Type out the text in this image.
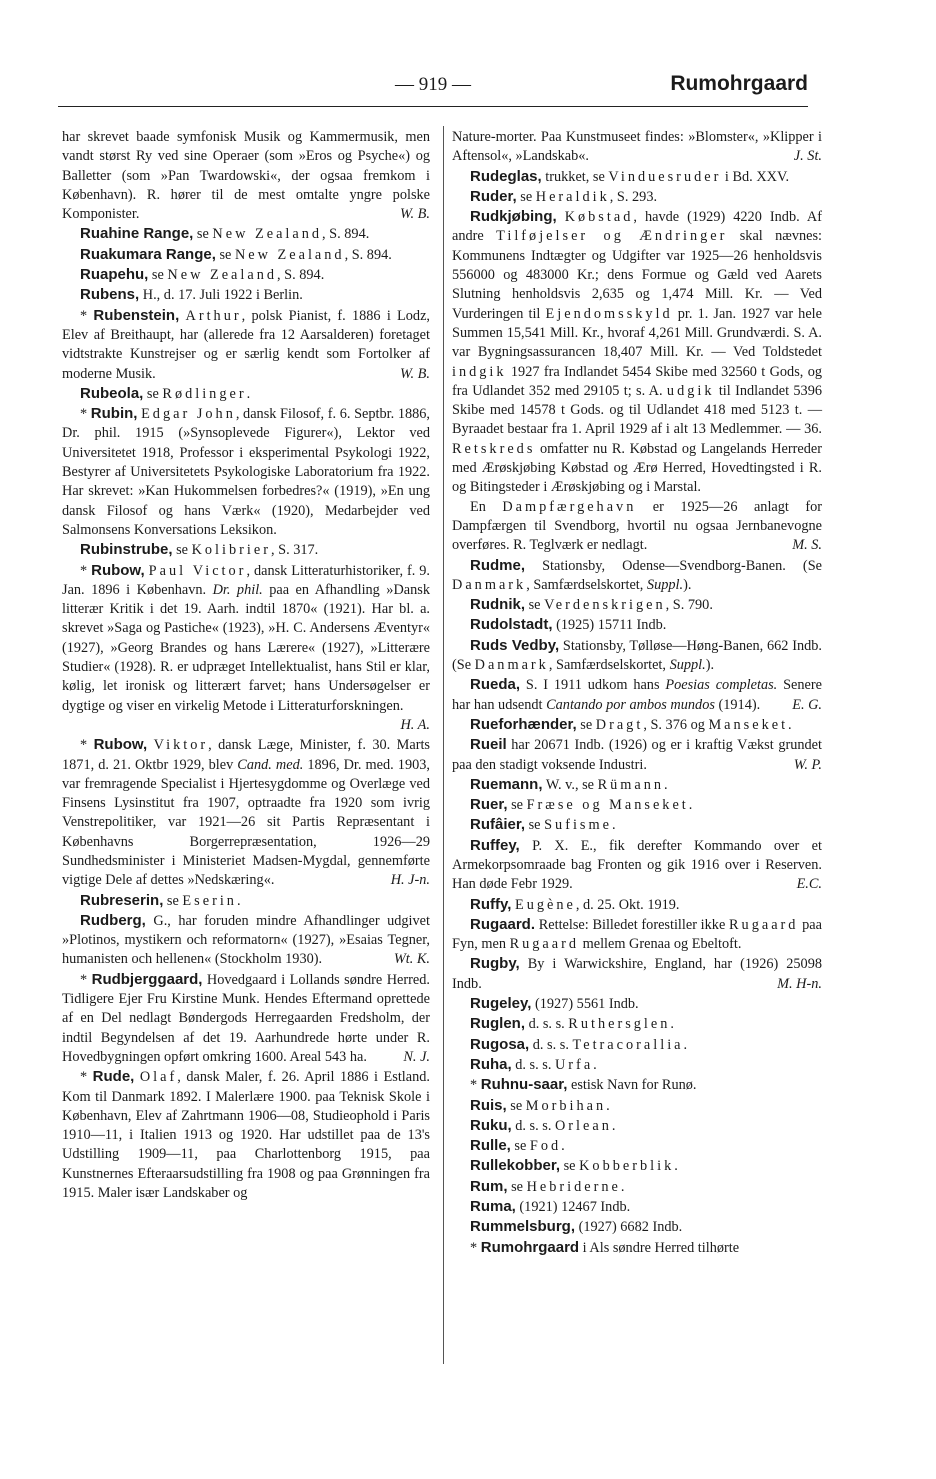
— 919 —	Rumohrgaard

har skrevet baade symfonisk Musik og Kammermusik, men vandt størst Ry ved sine Operaer (som »Eros og Psyche«) og Balletter (som »Pan Twardowski«, der ogsaa fremkom i København). R. hører til de mest omtalte yngre polske Komponister.	W. B.

Ruahine Range, se New Zealand, S. 894.

Ruakumara Range, se New Zealand, S. 894.

Ruapehu, se New Zealand, S. 894.

Rubens, H., d. 17. Juli 1922 i Berlin.

* Rubenstein, Arthur, polsk Pianist, f. 1886 i Lodz, Elev af Breithaupt, har (allerede fra 12 Aarsalderen) foretaget vidtstrakte Kunstrejser og er særlig kendt som Fortolker af moderne Musik.	W. B.

Rubeola, se Rødlinger.

* Rubin, Edgar John, dansk Filosof, f. 6. Septbr. 1886, Dr. phil. 1915 (»Synsoplevede Figurer«), Lektor ved Universitetet 1918, Professor i eksperimental Psykologi 1922, Bestyrer af Universitetets Psykologiske Laboratorium fra 1922. Har skrevet: »Kan Hukommelsen forbedres?« (1919), »En ung dansk Filosof og hans Værk« (1920), Medarbejder ved Salmonsens Konversations Leksikon.

Rubinstrube, se Kolibrier, S. 317.

* Rubow, Paul Victor, dansk Litteraturhistoriker, f. 9. Jan. 1896 i København. Dr. phil. paa en Afhandling »Dansk litterær Kritik i det 19. Aarh. indtil 1870« (1921). Har bl. a. skrevet »Saga og Pastiche« (1923), »H. C. Andersens Æventyr« (1927), »Georg Brandes og hans Lærere« (1927), »Litterære Studier« (1928). R. er udpræget Intellektualist, hans Stil er klar, kølig, let ironisk og litterært farvet; hans Undersøgelser er dygtige og viser en virkelig Metode i Litteraturforskningen.
H. A.

* Rubow, Viktor, dansk Læge, Minister, f. 30. Marts 1871, d. 21. Oktbr 1929, blev Cand. med. 1896, Dr. med. 1903, var fremragende Specialist i Hjertesygdomme og Overlæge ved Finsens Lysinstitut fra 1907, optraadte fra 1920 som ivrig Venstrepolitiker, var 1921—26 sit Partis Repræsentant i Københavns Borgerrepræsentation, 1926—29 Sundhedsminister i Ministeriet Madsen-Mygdal, gennemførte vigtige Dele af dettes »Nedskæring«.	H. J-n.

Rubreserin, se Eserin.

Rudberg, G., har foruden mindre Afhandlinger udgivet »Plotinos, mystikern och reformatorn« (1927), »Esaias Tegner, humanisten och hellenen« (Stockholm 1930).	Wt. K.

* Rudbjerggaard, Hovedgaard i Lollands søndre Herred. Tidligere Ejer Fru Kirstine Munk. Hendes Eftermand oprettede af en Del nedlagt Bøndergods Herregaarden Fredsholm, der indtil Begyndelsen af det 19. Aarhundrede hørte under R. Hovedbygningen opført omkring 1600. Areal 543 ha.	N. J.

* Rude, Olaf, dansk Maler, f. 26. April 1886 i Estland. Kom til Danmark 1892. I Malerlære 1900. paa Teknisk Skole i København, Elev af Zahrtmann 1906—08, Studieophold i Paris 1910—11, i Italien 1913 og 1920. Har udstillet paa de 13's Udstilling 1909—11, paa Charlottenborg 1915, paa Kunstnernes Efteraarsudstilling fra 1908 og paa Grønningen fra 1915. Maler især Landskaber og

Nature-morter. Paa Kunstmuseet findes: »Blomster«, »Klipper i Aftensol«, »Landskab«.	J. St.

Rudeglas, trukket, se Vinduesruder i Bd. XXV.

Ruder, se Heraldik, S. 293.

Rudkjøbing, Købstad, havde (1929) 4220 Indb. Af andre Tilføjelser og Ændringer skal nævnes: Kommunens Indtægter og Udgifter var 1925—26 henholdsvis 556000 og 483000 Kr.; dens Formue og Gæld ved Aarets Slutning henholdsvis 2,635 og 1,474 Mill. Kr. — Ved Vurderingen til Ejendomsskyld pr. 1. Jan. 1927 var hele Summen 15,541 Mill. Kr., hvoraf 4,261 Mill. Grundværdi. S. A. var Bygningsassurancen 18,407 Mill. Kr. — Ved Toldstedet indgik 1927 fra Indlandet 5454 Skibe med 32560 t Gods, og fra Udlandet 352 med 29105 t; s. A. udgik til Indlandet 5396 Skibe med 14578 t Gods. og til Udlandet 418 med 5123 t. — Byraadet bestaar fra 1. April 1929 af i alt 13 Medlemmer. — 36. Retskreds omfatter nu R. Købstad og Langelands Herreder med Ærøskjøbing Købstad og Ærø Herred, Hovedtingsted i R. og Bitingsteder i Ærøskjøbing og i Marstal.

En Dampfærgehavn er 1925—26 anlagt for Dampfærgen til Svendborg, hvortil nu ogsaa Jernbanevogne overføres. R. Teglværk er nedlagt.	M. S.

Rudme, Stationsby, Odense—Svendborg-Banen. (Se Danmark, Samfærdselskortet, Suppl.).

Rudnik, se Verdenskrigen, S. 790.

Rudolstadt, (1925) 15711 Indb.

Ruds Vedby, Stationsby, Tølløse—Høng-Banen, 662 Indb. (Se Danmark, Samfærdselskortet, Suppl.).

Rueda, S. I 1911 udkom hans Poesias completas. Senere har han udsendt Cantando por ambos mundos (1914).	E. G.

Rueforhænder, se Dragt, S. 376 og Manseket.

Rueil har 20671 Indb. (1926) og er i kraftig Vækst grundet paa den stadigt voksende Industri.	W. P.

Ruemann, W. v., se Rümann.

Ruer, se Fræse og Manseket.

Rufâier, se Sufisme.

Ruffey, P. X. E., fik derefter Kommando over et Armekorpsomraade bag Fronten og gik 1916 over i Reserven. Han døde Febr 1929.	E.C.

Ruffy, Eugène, d. 25. Okt. 1919.

Rugaard. Rettelse: Billedet forestiller ikke Rugaard paa Fyn, men Rugaard mellem Grenaa og Ebeltoft.

Rugby, By i Warwickshire, England, har (1926) 25098 Indb.	M. H-n.

Rugeley, (1927) 5561 Indb.

Ruglen, d. s. s. Ruthersglen.

Rugosa, d. s. s. Tetracorallia.

Ruha, d. s. s. Urfa.

* Ruhnu-saar, estisk Navn for Runø.

Ruis, se Morbihan.

Ruku, d. s. s. Orlean.

Rulle, se Fod.

Rullekobber, se Kobberblik.

Rum, se Hebriderne.

Ruma, (1921) 12467 Indb.

Rummelsburg, (1927) 6682 Indb.

* Rumohrgaard i Als søndre Herred tilhørte
